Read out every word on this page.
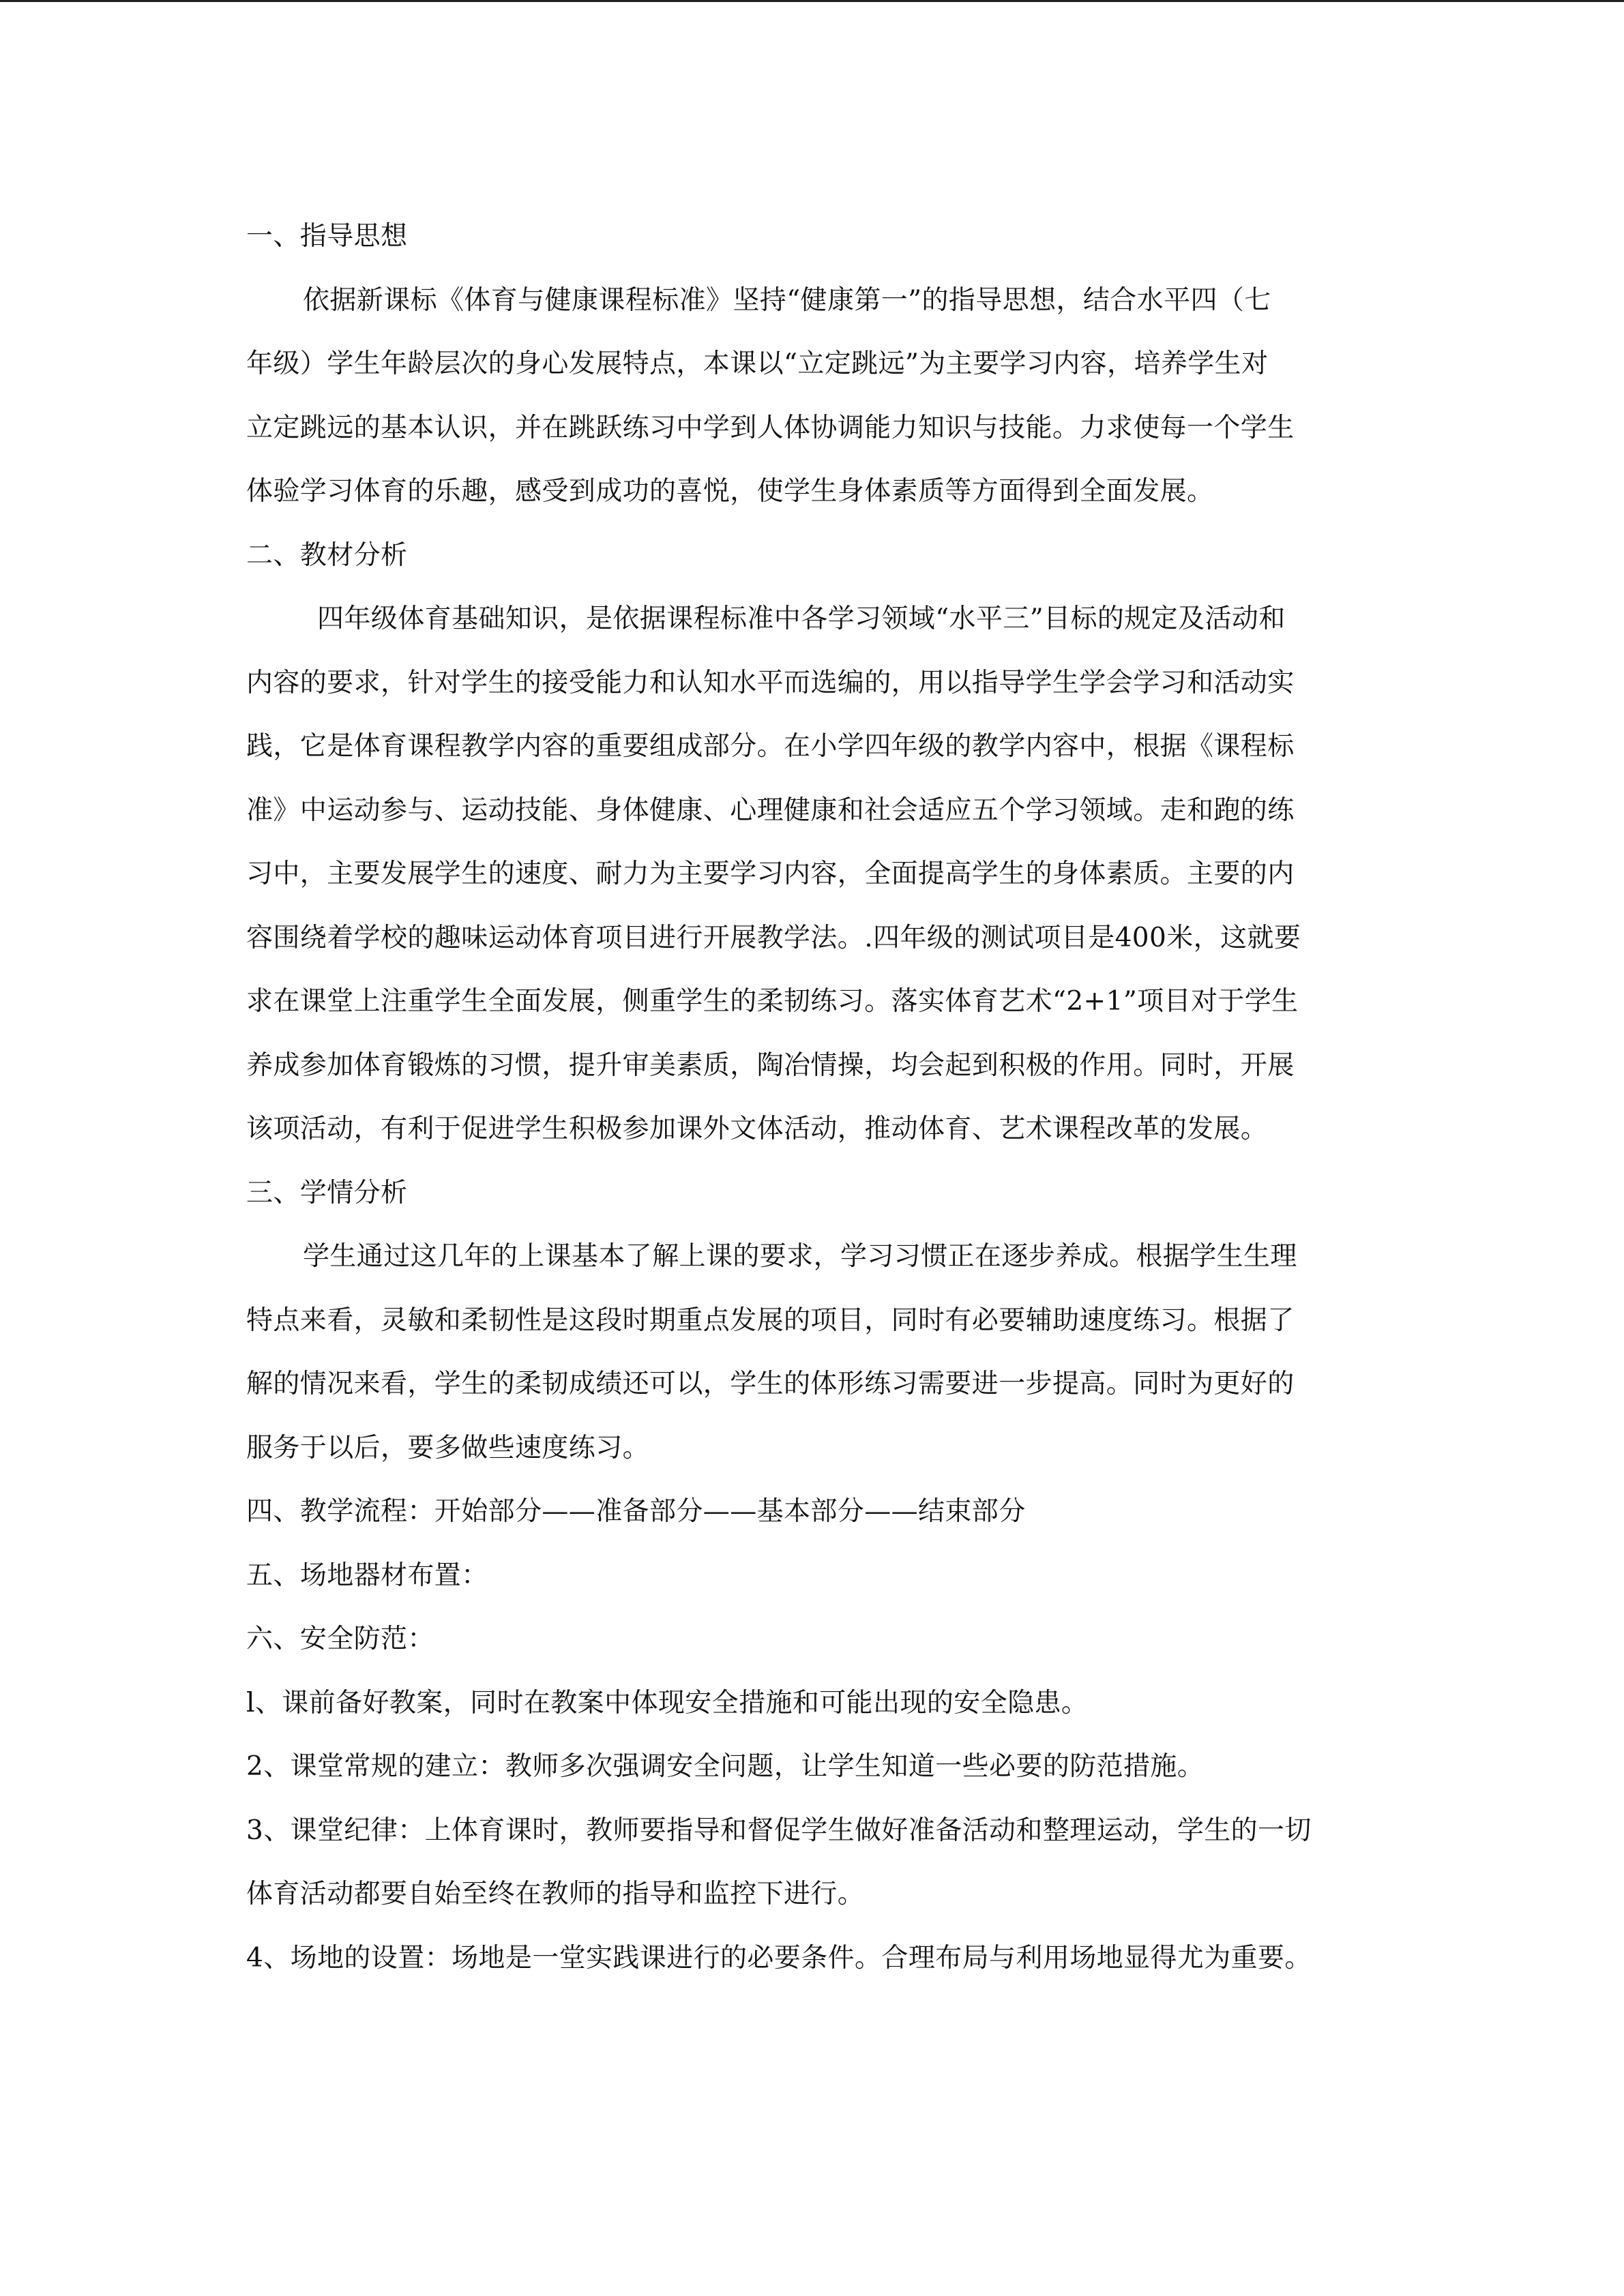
一、指导思想
依据新课标《体育与健康课程标准》坚持“健康第一”的指导思想，结合水平四（七
年级）学生年龄层次的身心发展特点，本课以“立定跳远”为主要学习内容，培养学生对
立定跳远的基本认识，并在跳跃练习中学到人体协调能力知识与技能。力求使每一个学生
体验学习体育的乐趣，感受到成功的喜悦，使学生身体素质等方面得到全面发展。
二、教材分析
四年级体育基础知识，是依据课程标准中各学习领域“水平三”目标的规定及活动和
内容的要求，针对学生的接受能力和认知水平而选编的，用以指导学生学会学习和活动实
践，它是体育课程教学内容的重要组成部分。在小学四年级的教学内容中，根据《课程标
准》中运动参与、运动技能、身体健康、心理健康和社会适应五个学习领域。走和跑的练
习中，主要发展学生的速度、耐力为主要学习内容，全面提高学生的身体素质。主要的内
容围绕着学校的趣味运动体育项目进行开展教学法。.四年级的测试项目是400米，这就要
求在课堂上注重学生全面发展，侧重学生的柔韧练习。落实体育艺术“2+1”项目对于学生
养成参加体育锻炼的习惯，提升审美素质，陶冶情操，均会起到积极的作用。同时，开展
该项活动，有利于促进学生积极参加课外文体活动，推动体育、艺术课程改革的发展。
三、学情分析
学生通过这几年的上课基本了解上课的要求，学习习惯正在逐步养成。根据学生生理
特点来看，灵敏和柔韧性是这段时期重点发展的项目，同时有必要辅助速度练习。根据了
解的情况来看，学生的柔韧成绩还可以，学生的体形练习需要进一步提高。同时为更好的
服务于以后，要多做些速度练习。
四、教学流程：开始部分——准备部分——基本部分——结束部分
五、场地器材布置：
六、安全防范：
l、课前备好教案，同时在教案中体现安全措施和可能出现的安全隐患。
2、课堂常规的建立：教师多次强调安全问题，让学生知道一些必要的防范措施。
3、课堂纪律：上体育课时，教师要指导和督促学生做好准备活动和整理运动，学生的一切
体育活动都要自始至终在教师的指导和监控下进行。
4、场地的设置：场地是一堂实践课进行的必要条件。合理布局与利用场地显得尤为重要。
